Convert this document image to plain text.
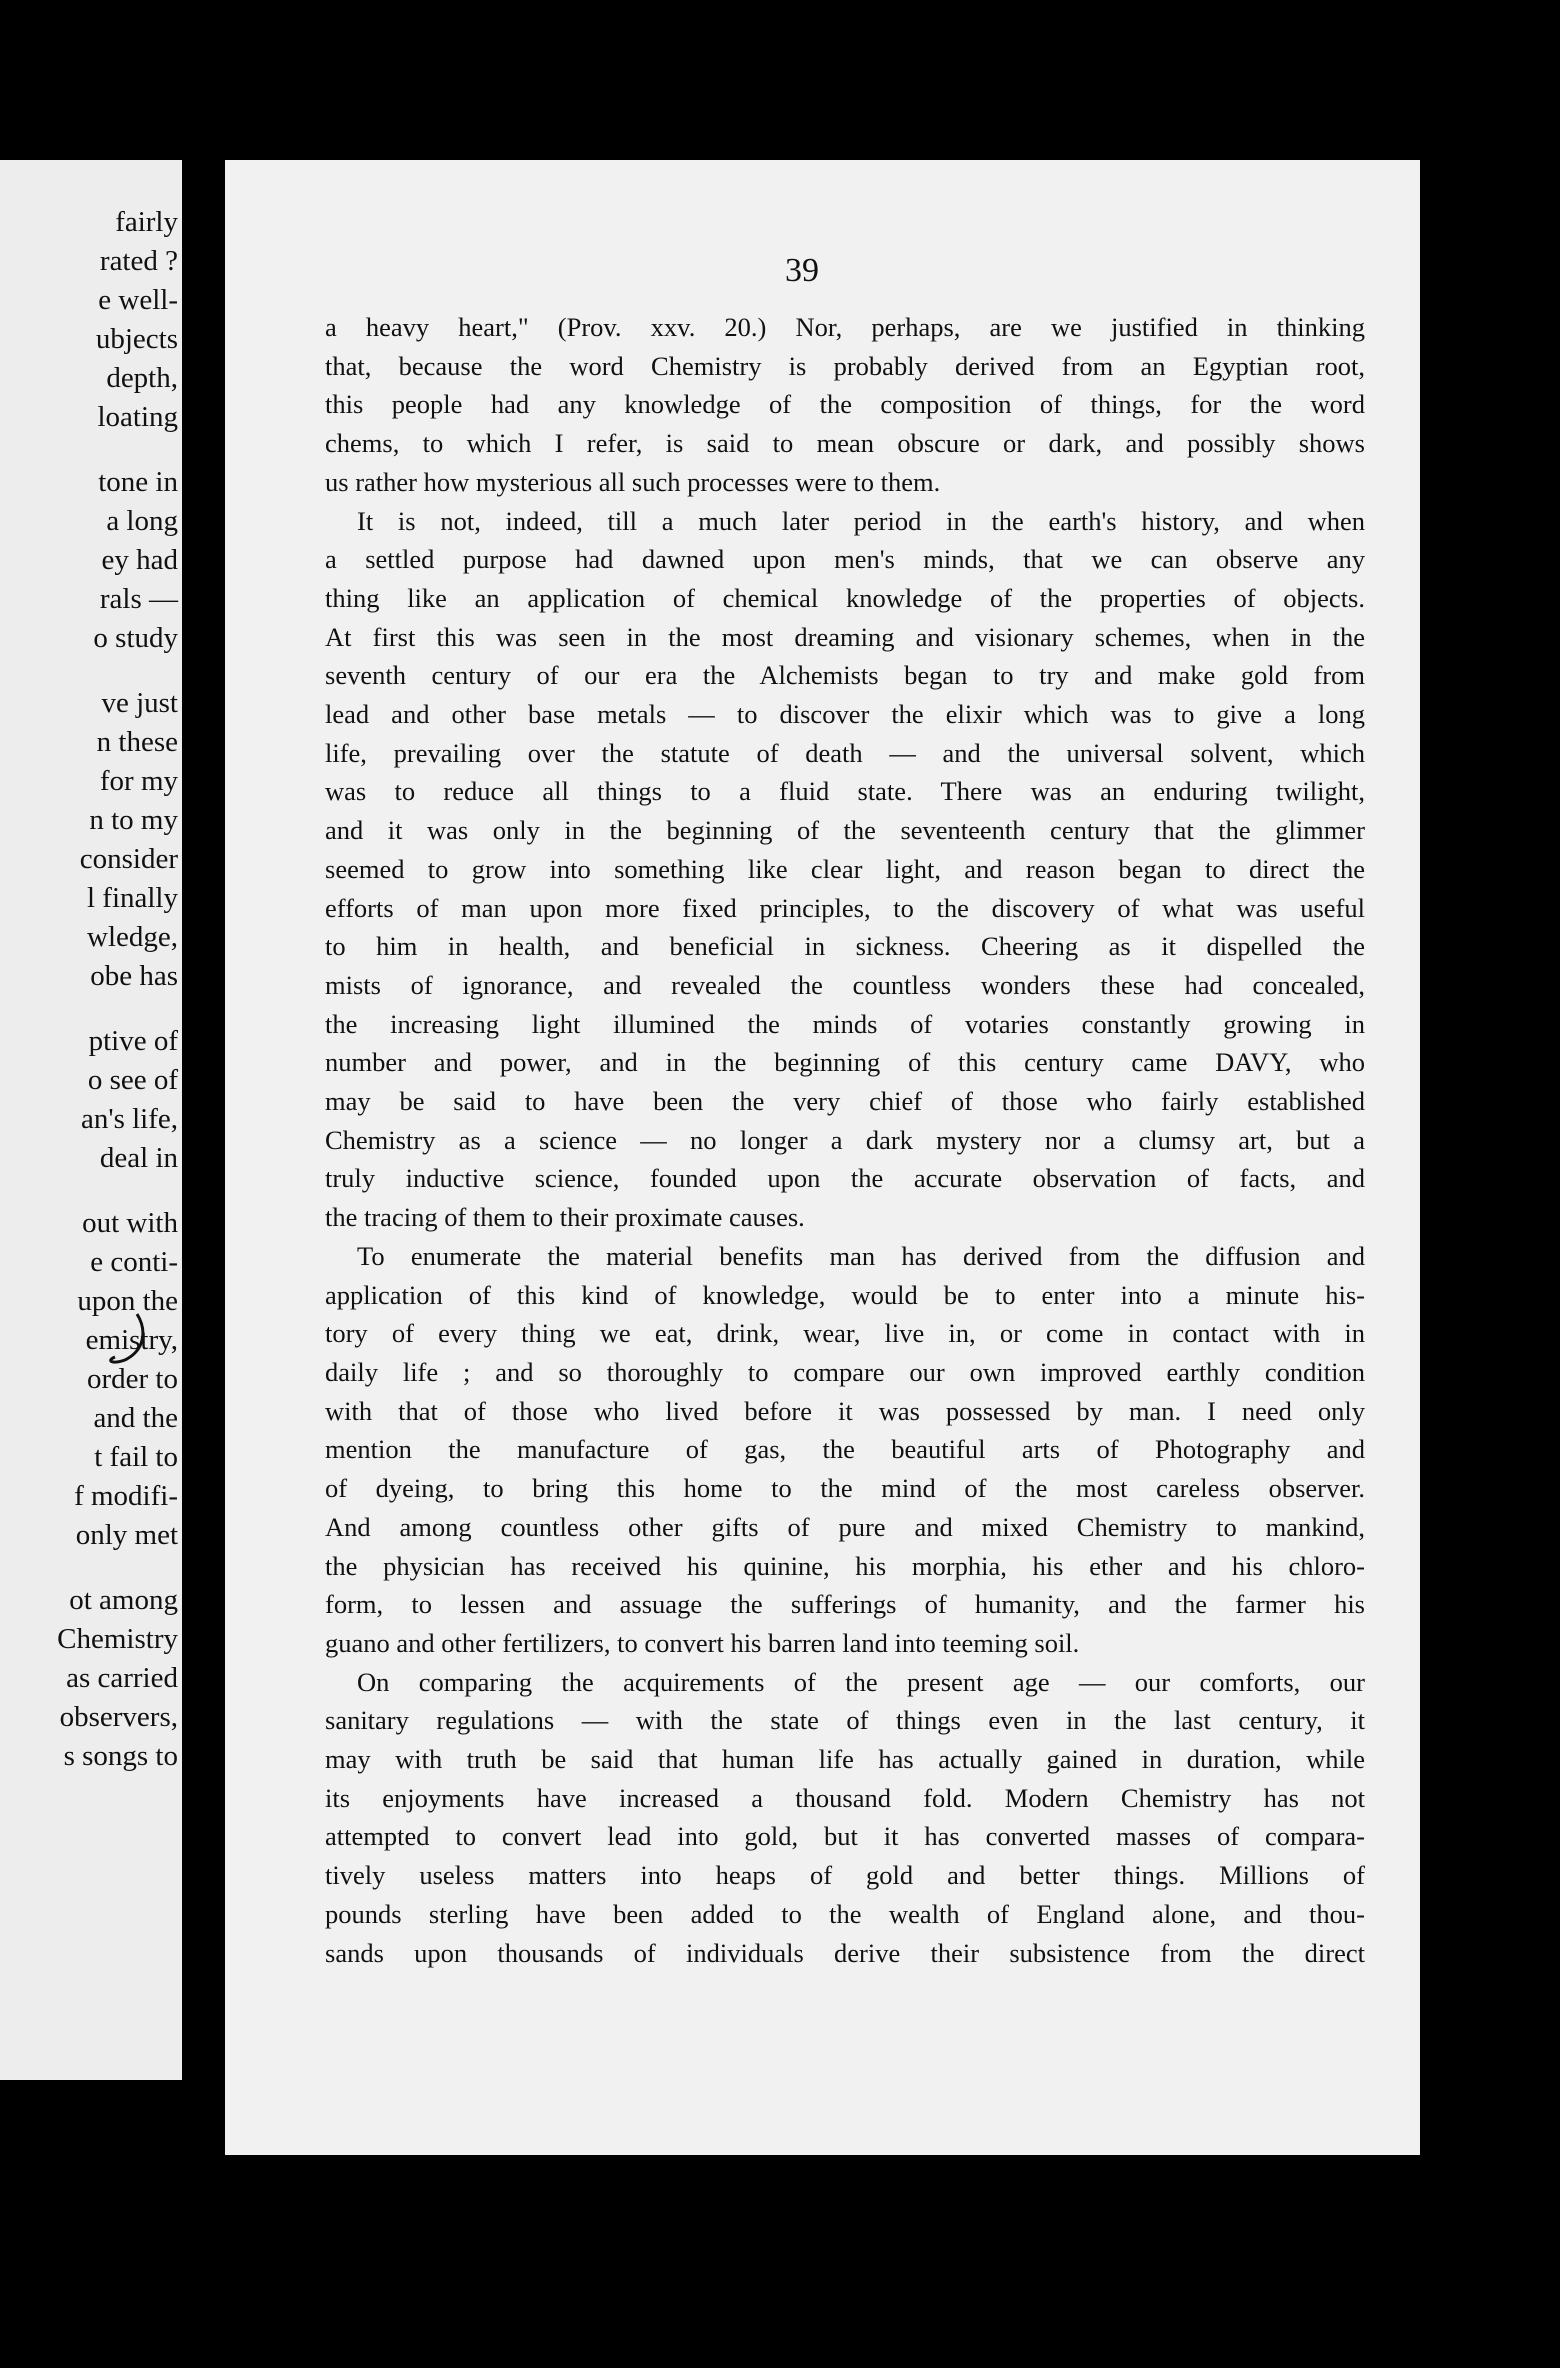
fairly
rated ?
e well-
ubjects
depth,
loating
tone in
a long
ey had
rals —
o study
ve just
n these
for my
n to my
consider
l finally
wledge,
obe has
ptive of
o see of
an's life,
deal in
out with
e conti-
upon the
emistry,
order to
and the
t fail to
f modifi-
only met
ot among
Chemistry
as carried
observers,
s songs to
39
a heavy heart," (Prov. xxv. 20.) Nor, perhaps, are we justified in thinking
that, because the word Chemistry is probably derived from an Egyptian root,
this people had any knowledge of the composition of things, for the word
chems, to which I refer, is said to mean obscure or dark, and possibly shows
us rather how mysterious all such processes were to them.
It is not, indeed, till a much later period in the earth's history, and when
a settled purpose had dawned upon men's minds, that we can observe any
thing like an application of chemical knowledge of the properties of objects.
At first this was seen in the most dreaming and visionary schemes, when in the
seventh century of our era the Alchemists began to try and make gold from
lead and other base metals — to discover the elixir which was to give a long
life, prevailing over the statute of death — and the universal solvent, which
was to reduce all things to a fluid state. There was an enduring twilight,
and it was only in the beginning of the seventeenth century that the glimmer
seemed to grow into something like clear light, and reason began to direct the
efforts of man upon more fixed principles, to the discovery of what was useful
to him in health, and beneficial in sickness. Cheering as it dispelled the
mists of ignorance, and revealed the countless wonders these had concealed,
the increasing light illumined the minds of votaries constantly growing in
number and power, and in the beginning of this century came DAVY, who
may be said to have been the very chief of those who fairly established
Chemistry as a science — no longer a dark mystery nor a clumsy art, but a
truly inductive science, founded upon the accurate observation of facts, and
the tracing of them to their proximate causes.
To enumerate the material benefits man has derived from the diffusion and
application of this kind of knowledge, would be to enter into a minute his-
tory of every thing we eat, drink, wear, live in, or come in contact with in
daily life ; and so thoroughly to compare our own improved earthly condition
with that of those who lived before it was possessed by man. I need only
mention the manufacture of gas, the beautiful arts of Photography and
of dyeing, to bring this home to the mind of the most careless observer.
And among countless other gifts of pure and mixed Chemistry to mankind,
the physician has received his quinine, his morphia, his ether and his chloro-
form, to lessen and assuage the sufferings of humanity, and the farmer his
guano and other fertilizers, to convert his barren land into teeming soil.
On comparing the acquirements of the present age — our comforts, our
sanitary regulations — with the state of things even in the last century, it
may with truth be said that human life has actually gained in duration, while
its enjoyments have increased a thousand fold. Modern Chemistry has not
attempted to convert lead into gold, but it has converted masses of compara-
tively useless matters into heaps of gold and better things. Millions of
pounds sterling have been added to the wealth of England alone, and thou-
sands upon thousands of individuals derive their subsistence from the direct
